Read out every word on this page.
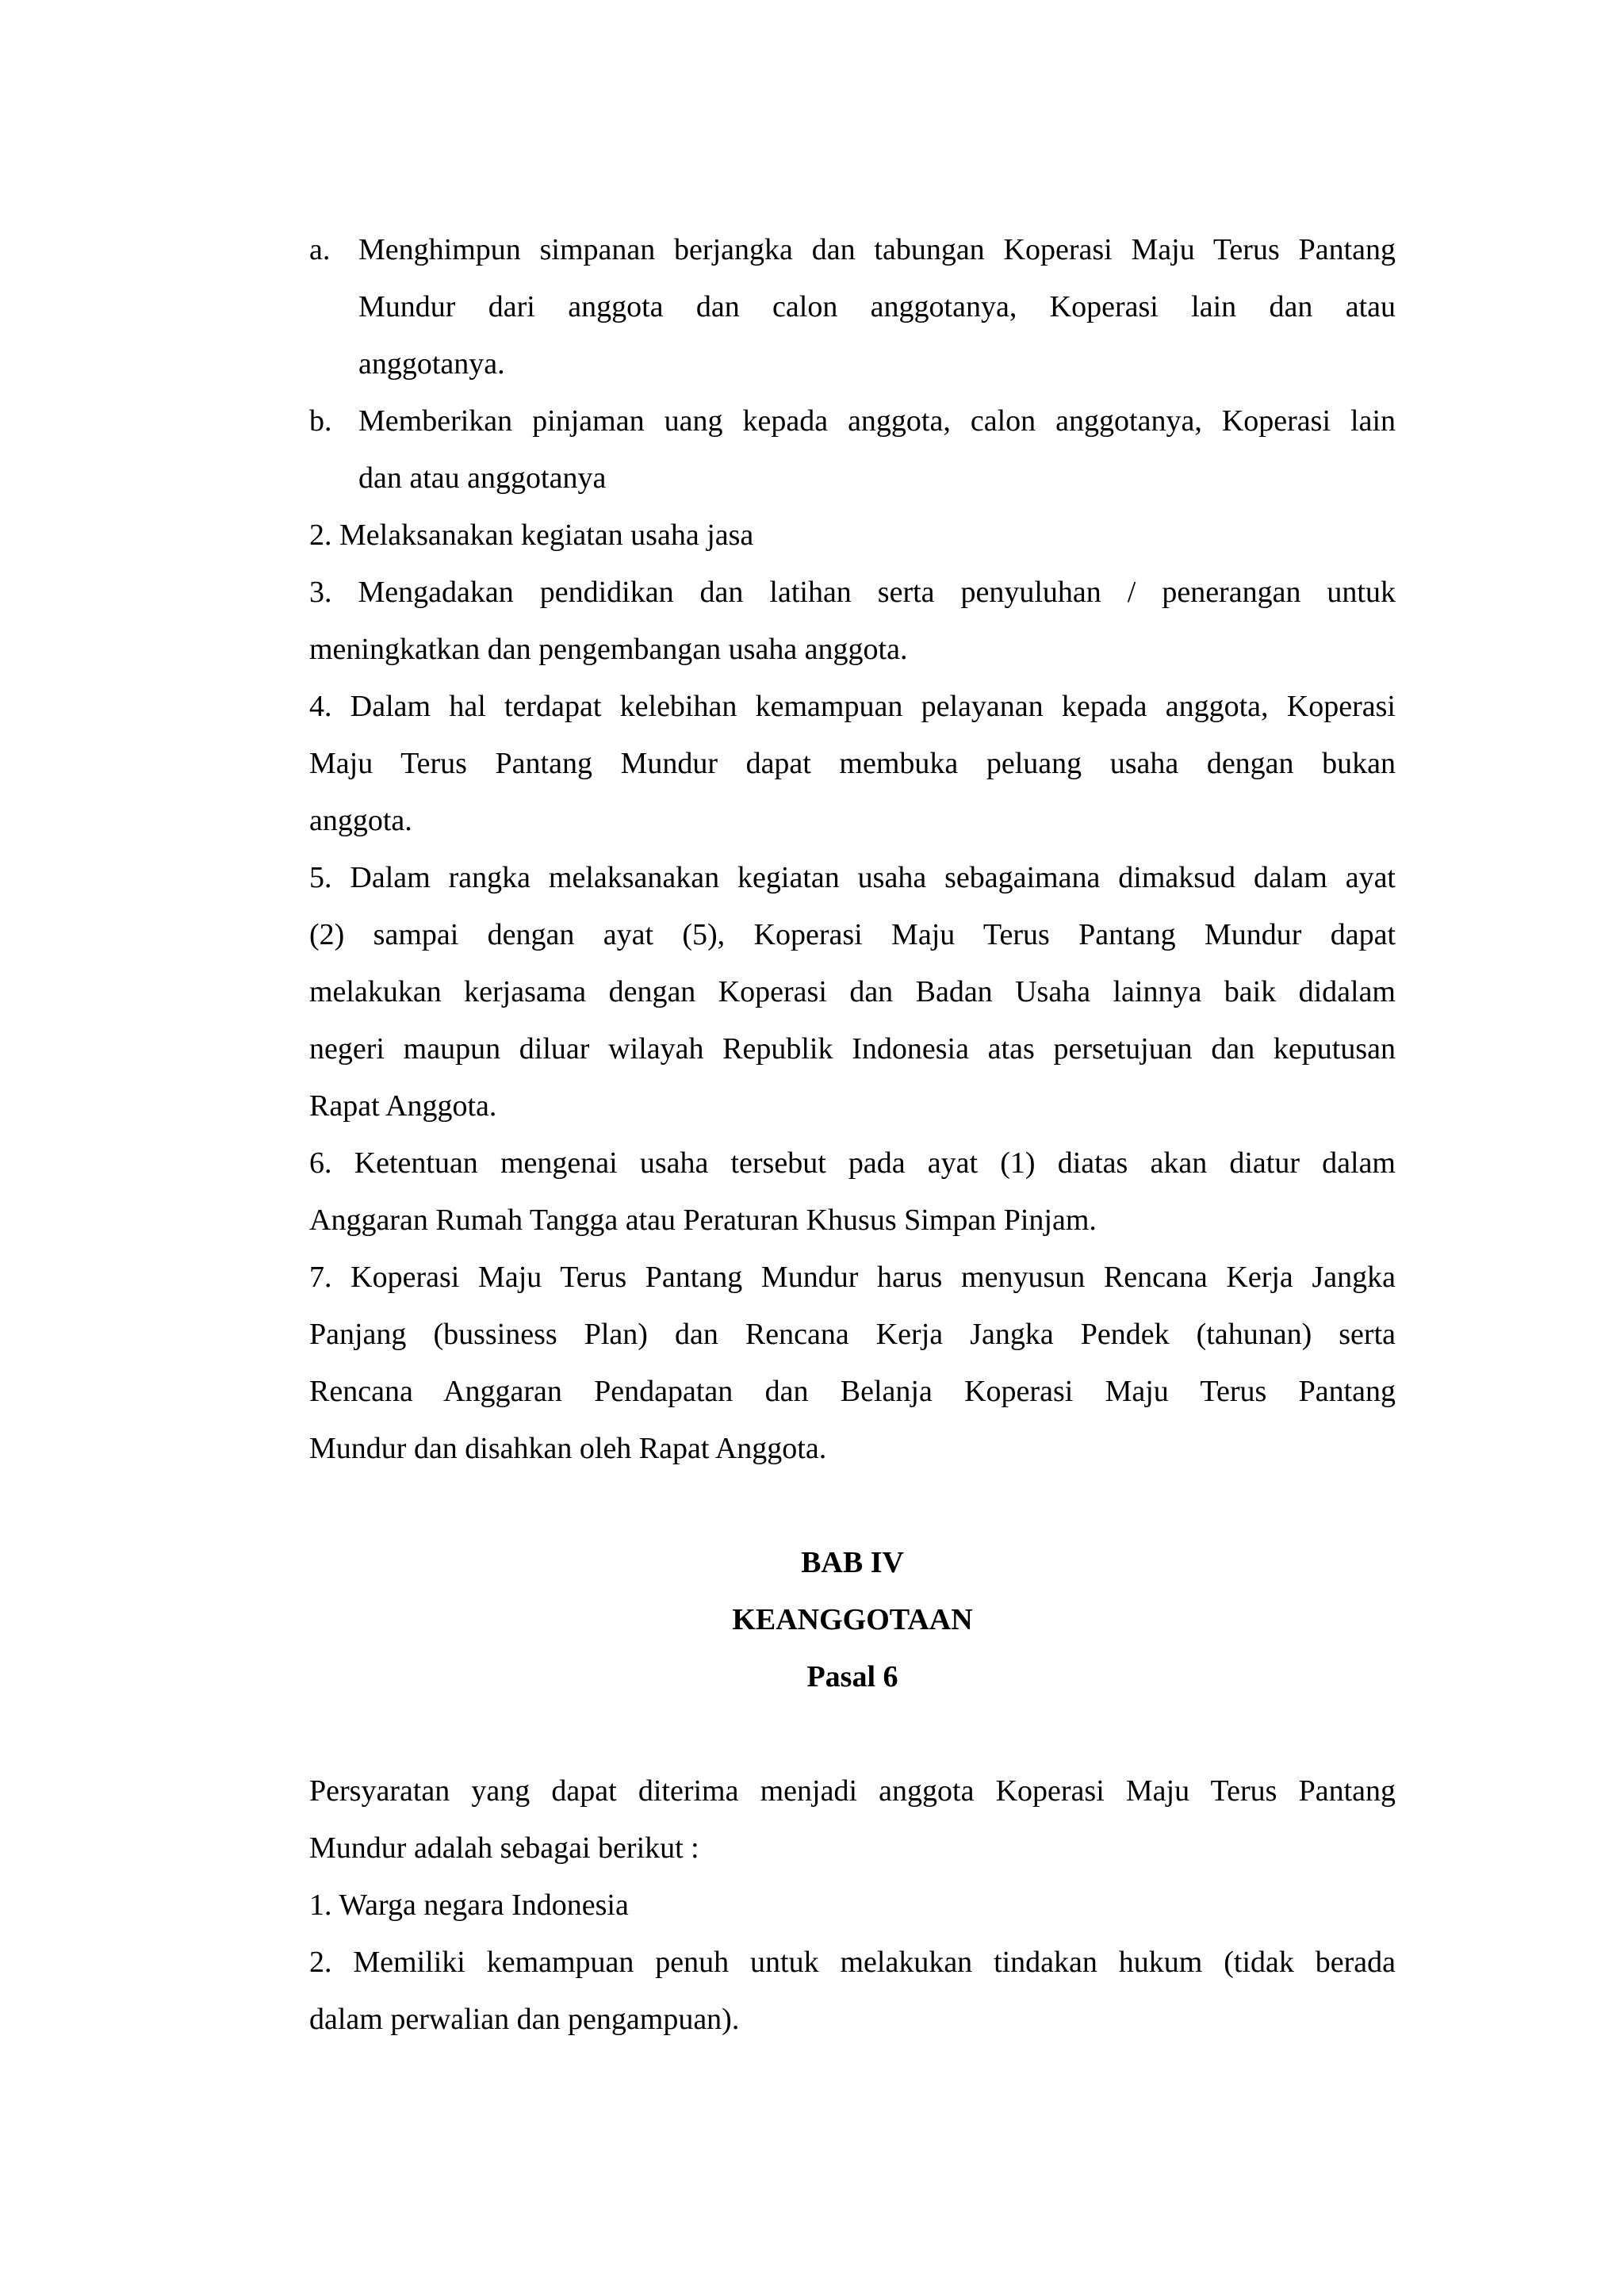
a. Menghimpun simpanan berjangka dan tabungan Koperasi Maju Terus Pantang
Mundur dari anggota dan calon anggotanya, Koperasi lain dan atau
anggotanya.
b. Memberikan pinjaman uang kepada anggota, calon anggotanya, Koperasi lain
dan atau anggotanya
2. Melaksanakan kegiatan usaha jasa
3. Mengadakan pendidikan dan latihan serta penyuluhan / penerangan untuk
meningkatkan dan pengembangan usaha anggota.
4. Dalam hal terdapat kelebihan kemampuan pelayanan kepada anggota, Koperasi
Maju Terus Pantang Mundur dapat membuka peluang usaha dengan bukan
anggota.
5. Dalam rangka melaksanakan kegiatan usaha sebagaimana dimaksud dalam ayat
(2) sampai dengan ayat (5), Koperasi Maju Terus Pantang Mundur dapat
melakukan kerjasama dengan Koperasi dan Badan Usaha lainnya baik didalam
negeri maupun diluar wilayah Republik Indonesia atas persetujuan dan keputusan
Rapat Anggota.
6. Ketentuan mengenai usaha tersebut pada ayat (1) diatas akan diatur dalam
Anggaran Rumah Tangga atau Peraturan Khusus Simpan Pinjam.
7. Koperasi Maju Terus Pantang Mundur harus menyusun Rencana Kerja Jangka
Panjang (bussiness Plan) dan Rencana Kerja Jangka Pendek (tahunan) serta
Rencana Anggaran Pendapatan dan Belanja Koperasi Maju Terus Pantang
Mundur dan disahkan oleh Rapat Anggota.
BAB IV
KEANGGOTAAN
Pasal 6
Persyaratan yang dapat diterima menjadi anggota Koperasi Maju Terus Pantang
Mundur adalah sebagai berikut :
1. Warga negara Indonesia
2. Memiliki kemampuan penuh untuk melakukan tindakan hukum (tidak berada
dalam perwalian dan pengampuan).
